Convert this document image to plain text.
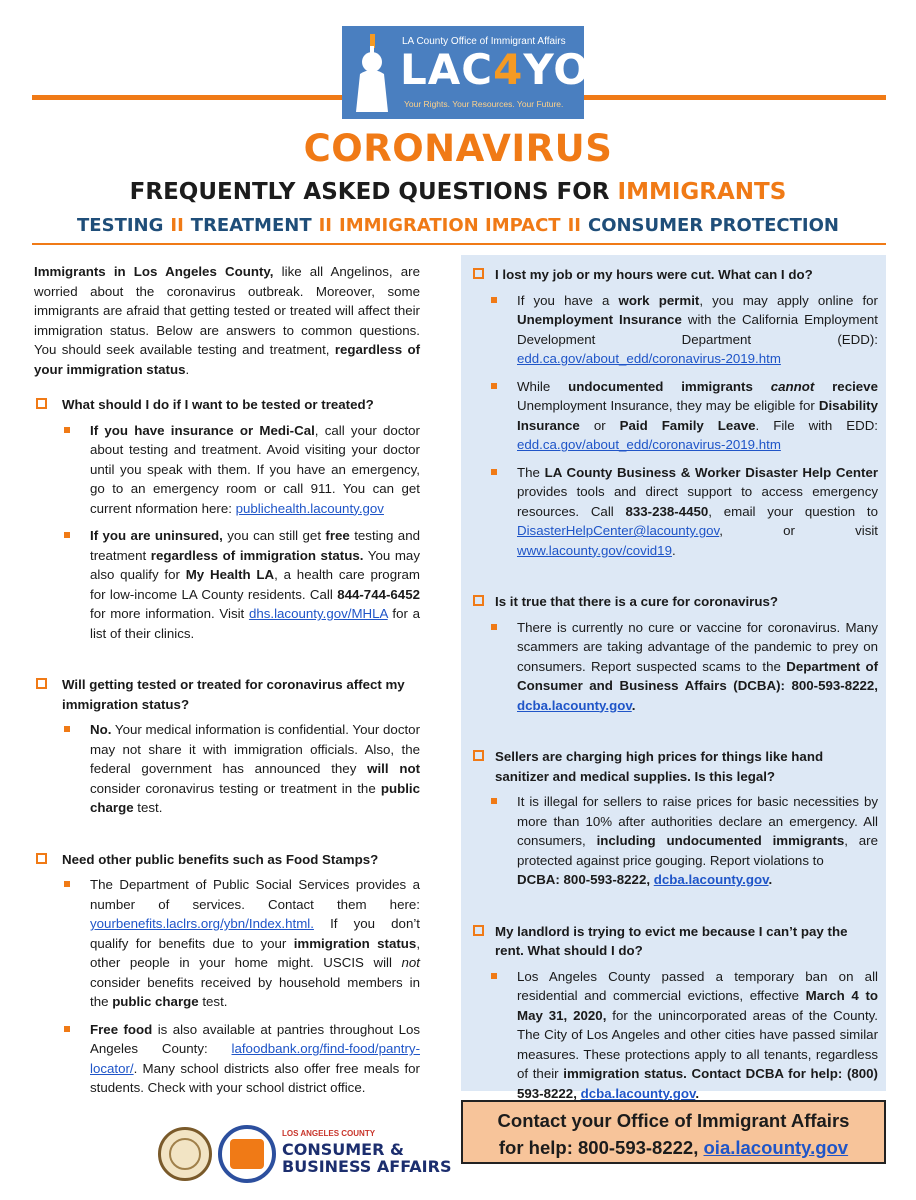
LA County Office of Immigrant Affairs
LAC4YOU
Your Rights. Your Resources. Your Future.
CORONAVIRUS
FREQUENTLY ASKED QUESTIONS FOR IMMIGRANTS
TESTING II TREATMENT II IMMIGRATION IMPACT II CONSUMER PROTECTION

Immigrants in Los Angeles County, like all Angelinos, are worried about the coronavirus outbreak. Moreover, some immigrants are afraid that getting tested or treated will affect their immigration status. Below are answers to common questions. You should seek available testing and treatment, regardless of your immigration status.

What should I do if I want to be tested or treated?

If you have insurance or Medi-Cal, call your doctor about testing and treatment. Avoid visiting your doctor until you speak with them. If you have an emergency, go to an emergency room or call 911. You can get current nformation here: publichealth.lacounty.gov

If you are uninsured, you can still get free testing and treatment regardless of immigration status. You may also qualify for My Health LA, a health care program for low-income LA County residents. Call 844-744-6452 for more information. Visit dhs.lacounty.gov/MHLA for a list of their clinics.

Will getting tested or treated for coronavirus affect my immigration status?

No. Your medical information is confidential. Your doctor may not share it with immigration officials. Also, the federal government has announced they will not consider coronavirus testing or treatment in the public charge test.

Need other public benefits such as Food Stamps?

The Department of Public Social Services provides a number of services. Contact them here: yourbenefits.laclrs.org/ybn/Index.html. If you don’t qualify for benefits due to your immigration status, other people in your home might. USCIS will not consider benefits received by household members in the public charge test.

Free food is also available at pantries throughout Los Angeles County: lafoodbank.org/find-food/pantry-locator/. Many school districts also offer free meals for students. Check with your school district office.

I lost my job or my hours were cut. What can I do?

If you have a work permit, you may apply online for Unemployment Insurance with the California Employment Development Department (EDD): edd.ca.gov/about_edd/coronavirus-2019.htm

While undocumented immigrants cannot recieve Unemployment Insurance, they may be eligible for Disability Insurance or Paid Family Leave. File with EDD: edd.ca.gov/about_edd/coronavirus-2019.htm

The LA County Business & Worker Disaster Help Center provides tools and direct support to access emergency resources. Call 833-238-4450, email your question to DisasterHelpCenter@lacounty.gov, or visit www.lacounty.gov/covid19.

Is it true that there is a cure for coronavirus?

There is currently no cure or vaccine for coronavirus. Many scammers are taking advantage of the pandemic to prey on consumers. Report suspected scams to the Department of Consumer and Business Affairs (DCBA): 800-593-8222, dcba.lacounty.gov.

Sellers are charging high prices for things like hand sanitizer and medical supplies. Is this legal?

It is illegal for sellers to raise prices for basic necessities by more than 10% after authorities declare an emergency. All consumers, including undocumented immigrants, are protected against price gouging. Report violations to
DCBA: 800-593-8222, dcba.lacounty.gov.

My landlord is trying to evict me because I can’t pay the rent. What should I do?

Los Angeles County passed a temporary ban on all residential and commercial evictions, effective March 4 to May 31, 2020, for the unincorporated areas of the County. The City of Los Angeles and other cities have passed similar measures. These protections apply to all tenants, regardless of their immigration status. Contact DCBA for help: (800) 593-8222, dcba.lacounty.gov.

LOS ANGELES COUNTY
CONSUMER &
BUSINESS AFFAIRS
Contact your Office of Immigrant Affairs
for help: 800-593-8222, oia.lacounty.gov
